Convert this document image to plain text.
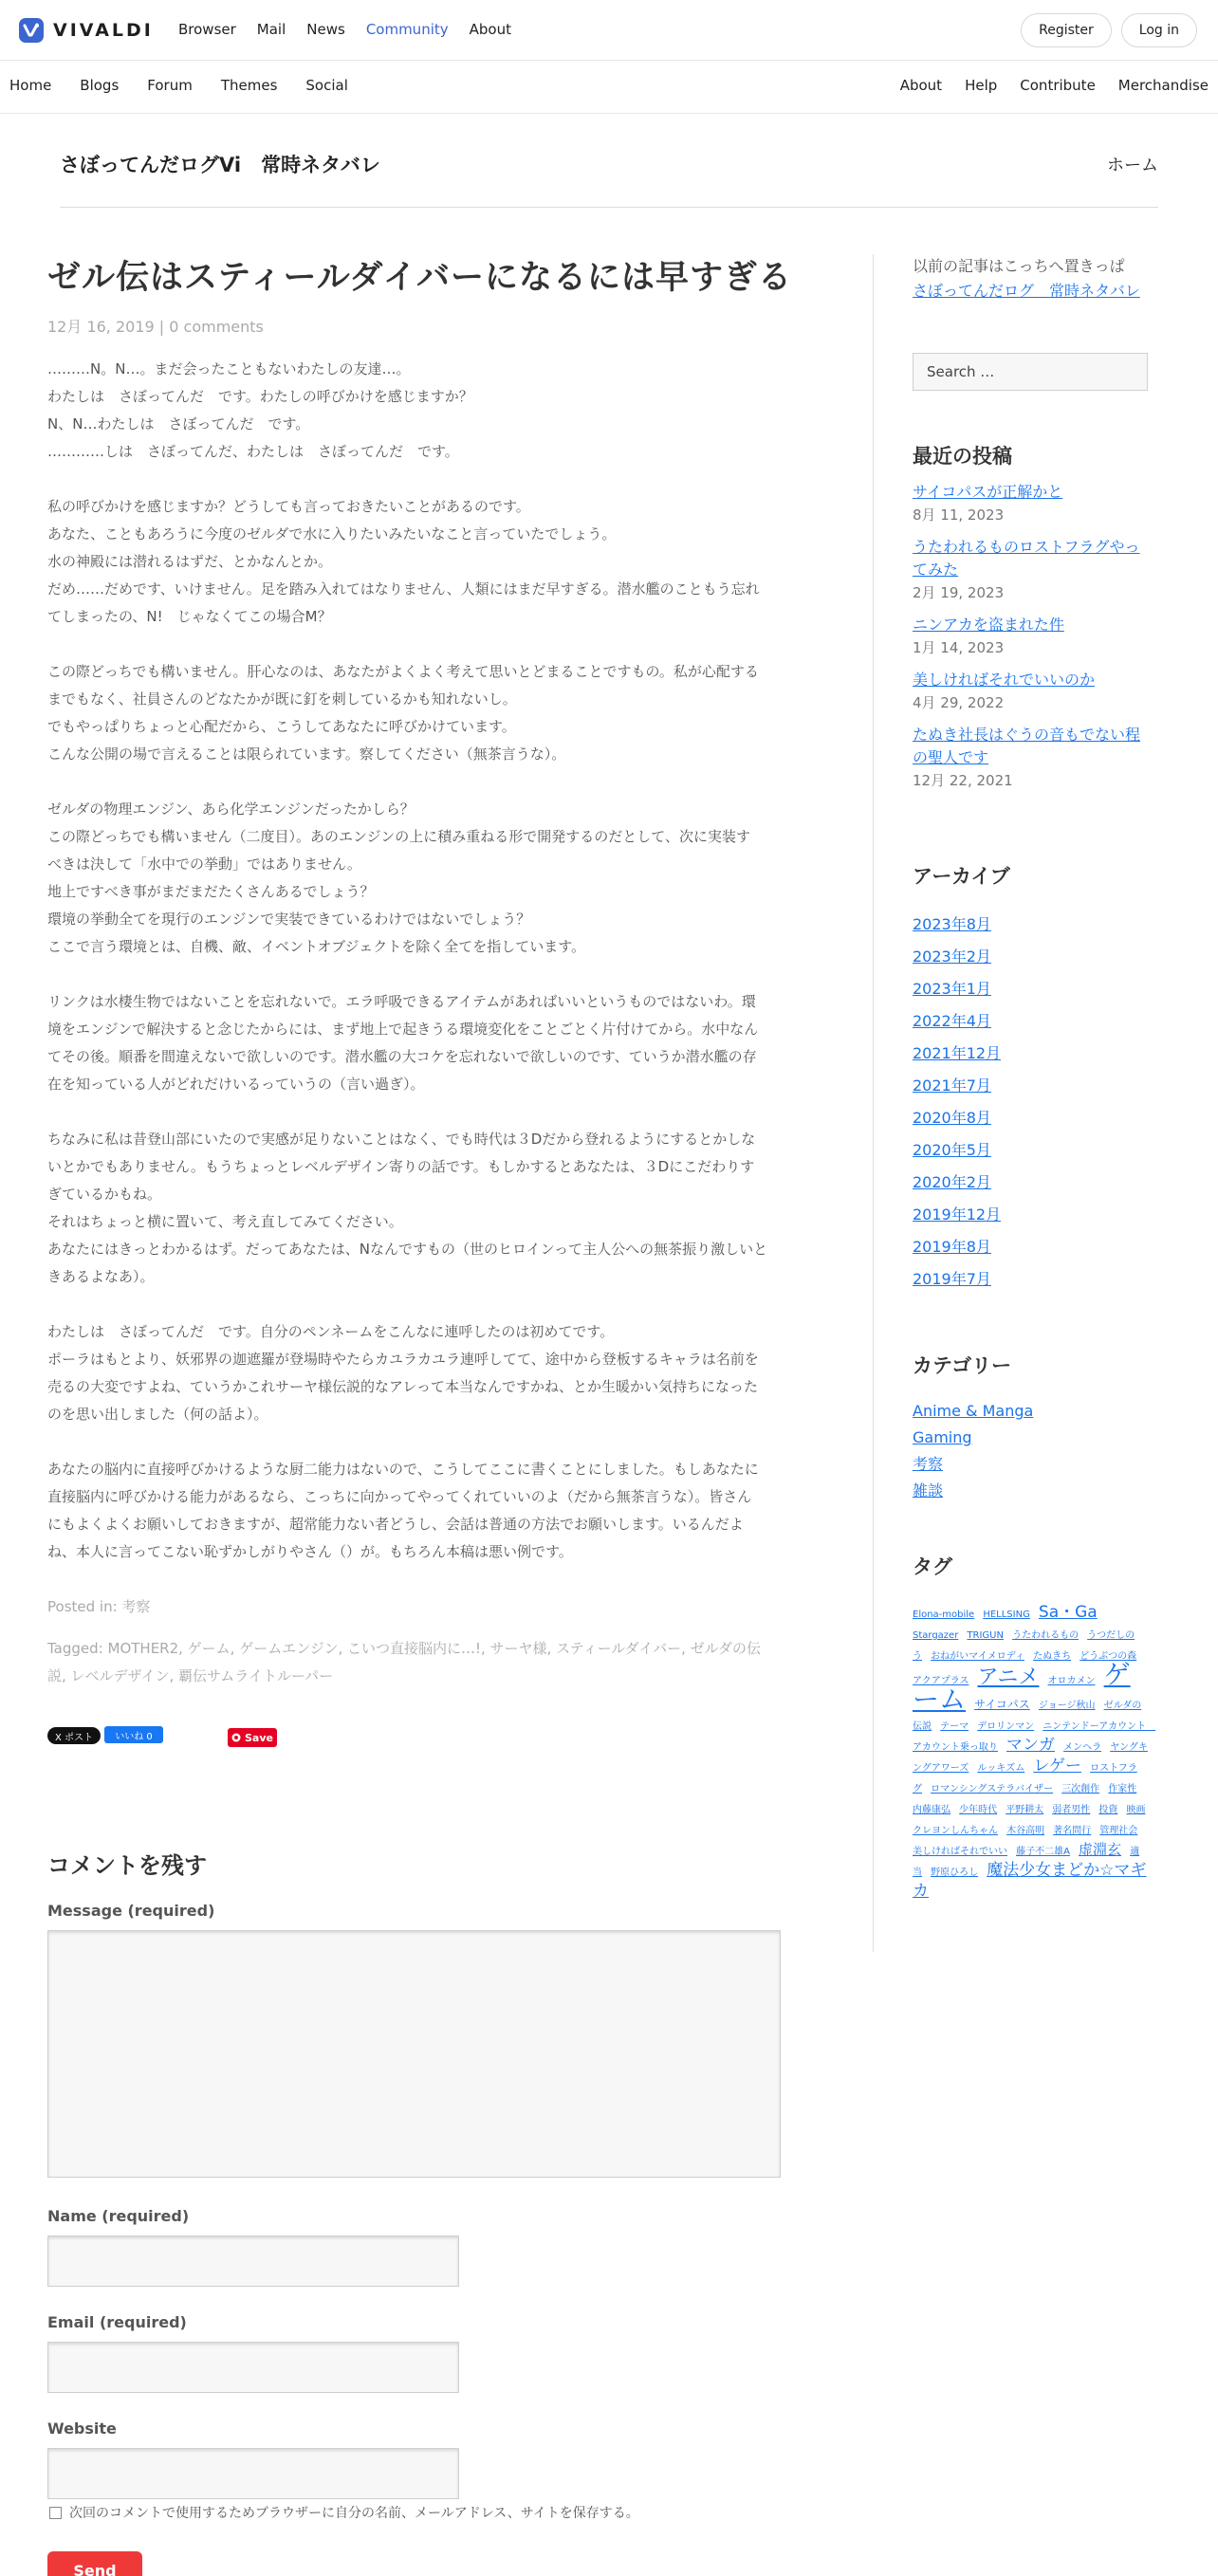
VIVALDI Browser Mail News Community About	Register	Log in
Home Blogs Forum Themes Social	About Help Contribute Merchandise
さぼってんだログVi　常時ネタバレ	ホーム
ゼル伝はスティールダイバーになるには早すぎる
12月 16, 2019 | 0 comments

………N。N…。まだ会ったこともないわたしの友達…。
わたしは　さぼってんだ　です。わたしの呼びかけを感じますか？
N、N…わたしは　さぼってんだ　です。
…………しは　さぼってんだ、わたしは　さぼってんだ　です。

私の呼びかけを感じますか？どうしても言っておきたいことがあるのです。
あなた、こともあろうに今度のゼルダで水に入りたいみたいなこと言っていたでしょう。
水の神殿には潜れるはずだ、とかなんとか。
だめ……だめです、いけません。足を踏み入れてはなりません、人類にはまだ早すぎる。潜水艦のこともう忘れ
てしまったの、N!　じゃなくてこの場合M？

この際どっちでも構いません。肝心なのは、あなたがよくよく考えて思いとどまることですもの。私が心配する
までもなく、社員さんのどなたかが既に釘を刺しているかも知れないし。
でもやっぱりちょっと心配だから、こうしてあなたに呼びかけています。
こんな公開の場で言えることは限られています。察してください（無茶言うな）。

ゼルダの物理エンジン、あら化学エンジンだったかしら？
この際どっちでも構いません（二度目）。あのエンジンの上に積み重ねる形で開発するのだとして、次に実装す
べきは決して「水中での挙動」ではありません。
地上ですべき事がまだまだたくさんあるでしょう？
環境の挙動全てを現行のエンジンで実装できているわけではないでしょう？
ここで言う環境とは、自機、敵、イベントオブジェクトを除く全てを指しています。

リンクは水棲生物ではないことを忘れないで。エラ呼吸できるアイテムがあればいいというものではないわ。環
境をエンジンで解決すると念じたからには、まず地上で起きうる環境変化をことごとく片付けてから。水中なん
てその後。順番を間違えないで欲しいのです。潜水艦の大コケを忘れないで欲しいのです、ていうか潜水艦の存
在を知っている人がどれだけいるっていうの（言い過ぎ）。

ちなみに私は昔登山部にいたので実感が足りないことはなく、でも時代は３Dだから登れるようにするとかしな
いとかでもありません。もうちょっとレベルデザイン寄りの話です。もしかするとあなたは、３Dにこだわりす
ぎているかもね。
それはちょっと横に置いて、考え直してみてください。
あなたにはきっとわかるはず。だってあなたは、Nなんですもの（世のヒロインって主人公への無茶振り激しいと
きあるよなあ）。

わたしは　さぼってんだ　です。自分のペンネームをこんなに連呼したのは初めてです。
ポーラはもとより、妖邪界の迦遮羅が登場時やたらカユラカユラ連呼してて、途中から登板するキャラは名前を
売るの大変ですよね、ていうかこれサーヤ様伝説的なアレって本当なんですかね、とか生暖かい気持ちになった
のを思い出しました（何の話よ）。

あなたの脳内に直接呼びかけるような厨二能力はないので、こうしてここに書くことにしました。もしあなたに
直接脳内に呼びかける能力があるなら、こっちに向かってやってくれていいのよ（だから無茶言うな）。皆さん
にもよくよくお願いしておきますが、超常能力ない者どうし、会話は普通の方法でお願いします。いるんだよ
ね、本人に言ってこない恥ずかしがりやさん（）が。もちろん本稿は悪い例です。

Posted in: 考察
Tagged: MOTHER2, ゲーム, ゲームエンジン, こいつ直接脳内に…!, サーヤ様, スティールダイバー, ゼルダの伝
説, レベルデザイン, 覇伝サムライトルーパー
X ポスト	いいね 0	Save
コメントを残す
Message (required)
Name (required)
Email (required)
Website
次回のコメントで使用するためブラウザーに自分の名前、メールアドレス、サイトを保存する。
Send
以前の記事はこっちへ置きっぱ
さぼってんだログ　常時ネタバレ
Search …
最近の投稿
サイコパスが正解かと
8月 11, 2023
うたわれるものロストフラグやってみた
2月 19, 2023
ニンアカを盗まれた件
1月 14, 2023
美しければそれでいいのか
4月 29, 2022
たぬき社長はぐうの音もでない程の聖人です
12月 22, 2021
アーカイブ
2023年8月
2023年2月
2023年1月
2022年4月
2021年12月
2021年7月
2020年8月
2020年5月
2020年2月
2019年12月
2019年8月
2019年7月
カテゴリー
Anime & Manga
Gaming
考察
雑談
タグ
Elona-mobile HELLSING Sa・Ga Stargazer TRIGUN うたわれるもの うつだしのう おねがいマイメロディ たぬきち どうぶつの森 アクアプラス アニメ オロカメン ゲーム サイコパス ジョージ秋山 ゼルダの伝説 テーマ デロリンマン ニンテンドーアカウント　アカウント乗っ取り マンガ メンヘラ ヤングキングアワーズ ルッキズム レゲー ロストフラグ ロマンシングステラバイザー 三次創作 作家性 内藤康弘 少年時代 平野耕太 弱者男性 投資 映画クレヨンしんちゃん 木谷高明 著名問行 管理社会 美しければそれでいい 藤子不二雄A 虚淵玄 適当 野原ひろし 魔法少女まどか☆マギカ
